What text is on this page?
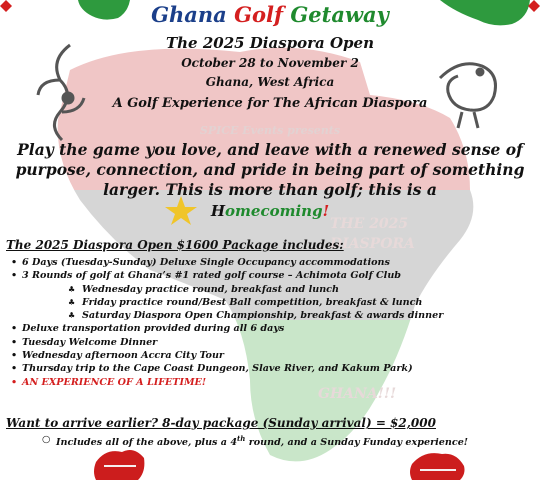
Ghana Golf Getaway
The 2025 Diaspora Open
October 28 to November 2
Ghana, West Africa
A Golf Experience for The African Diaspora
SPICE Events presents
THE 2025
DIASPORA
GHANA!!!
Play the game you love, and leave with a renewed sense of purpose, connection, and pride in being part of something larger. This is more than golf; this is a
Homecoming!
The 2025 Diaspora Open $1600 Package includes:
• 6 Days (Tuesday-Sunday) Deluxe Single Occupancy accommodations
• 3 Rounds of golf at Ghana’s #1 rated golf course – Achimota Golf Club
♣ Wednesday practice round, breakfast and lunch
♣ Friday practice round/Best Ball competition, breakfast & lunch
♣ Saturday Diaspora Open Championship, breakfast & awards dinner
• Deluxe transportation provided during all 6 days
• Tuesday Welcome Dinner
• Wednesday afternoon Accra City Tour
• Thursday trip to the Cape Coast Dungeon, Slave River, and Kakum Park)
• AN EXPERIENCE OF A LIFETIME!
Want to arrive earlier? 8-day package (Sunday arrival) = $2,000
○ Includes all of the above, plus a 4th round, and a Sunday Funday experience!
